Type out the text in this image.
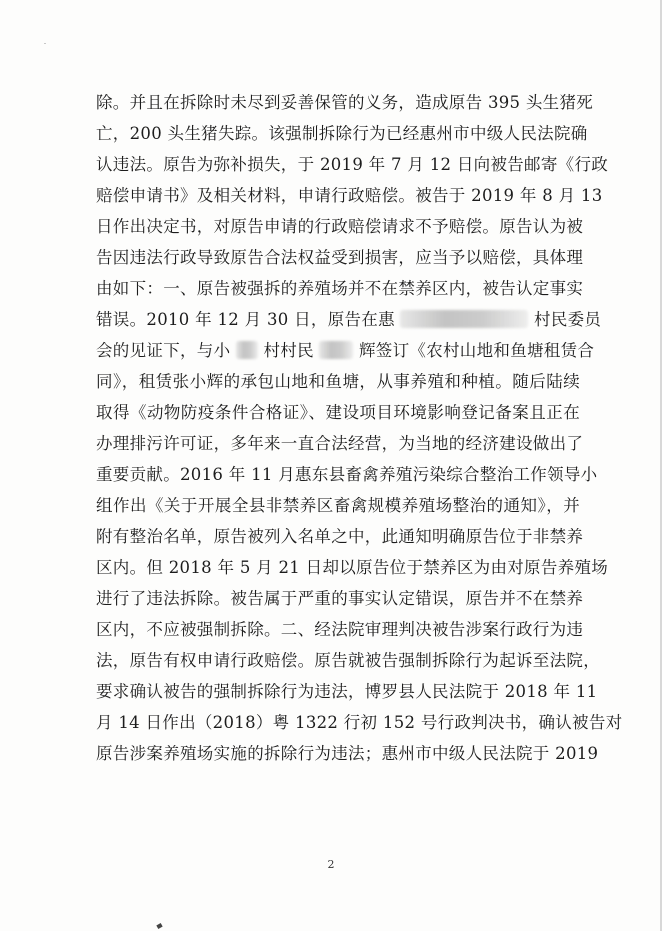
除。并且在拆除时未尽到妥善保管的义务，造成原告 395 头生猪死
亡，200 头生猪失踪。该强制拆除行为已经惠州市中级人民法院确
认违法。原告为弥补损失，于 2019 年 7 月 12 日向被告邮寄《行政
赔偿申请书》及相关材料，申请行政赔偿。被告于 2019 年 8 月 13
日作出决定书，对原告申请的行政赔偿请求不予赔偿。原告认为被
告因违法行政导致原告合法权益受到损害，应当予以赔偿，具体理
由如下：一、原告被强拆的养殖场并不在禁养区内，被告认定事实
错误。2010 年 12 月 30 日，原告在惠	村民委员
会的见证下，与小 村村民	辉签订《农村山地和鱼塘租赁合
同》，租赁张小辉的承包山地和鱼塘，从事养殖和种植。随后陆续
取得《动物防疫条件合格证》、建设项目环境影响登记备案且正在
办理排污许可证，多年来一直合法经营，为当地的经济建设做出了
重要贡献。2016 年 11 月惠东县畜禽养殖污染综合整治工作领导小
组作出《关于开展全县非禁养区畜禽规模养殖场整治的通知》，并
附有整治名单，原告被列入名单之中，此通知明确原告位于非禁养
区内。但 2018 年 5 月 21 日却以原告位于禁养区为由对原告养殖场
进行了违法拆除。被告属于严重的事实认定错误，原告并不在禁养
区内，不应被强制拆除。二、经法院审理判决被告涉案行政行为违
法，原告有权申请行政赔偿。原告就被告强制拆除行为起诉至法院，
要求确认被告的强制拆除行为违法，博罗县人民法院于 2018 年 11
月 14 日作出（2018）粤 1322 行初 152 号行政判决书，确认被告对
原告涉案养殖场实施的拆除行为违法；惠州市中级人民法院于 2019
2
